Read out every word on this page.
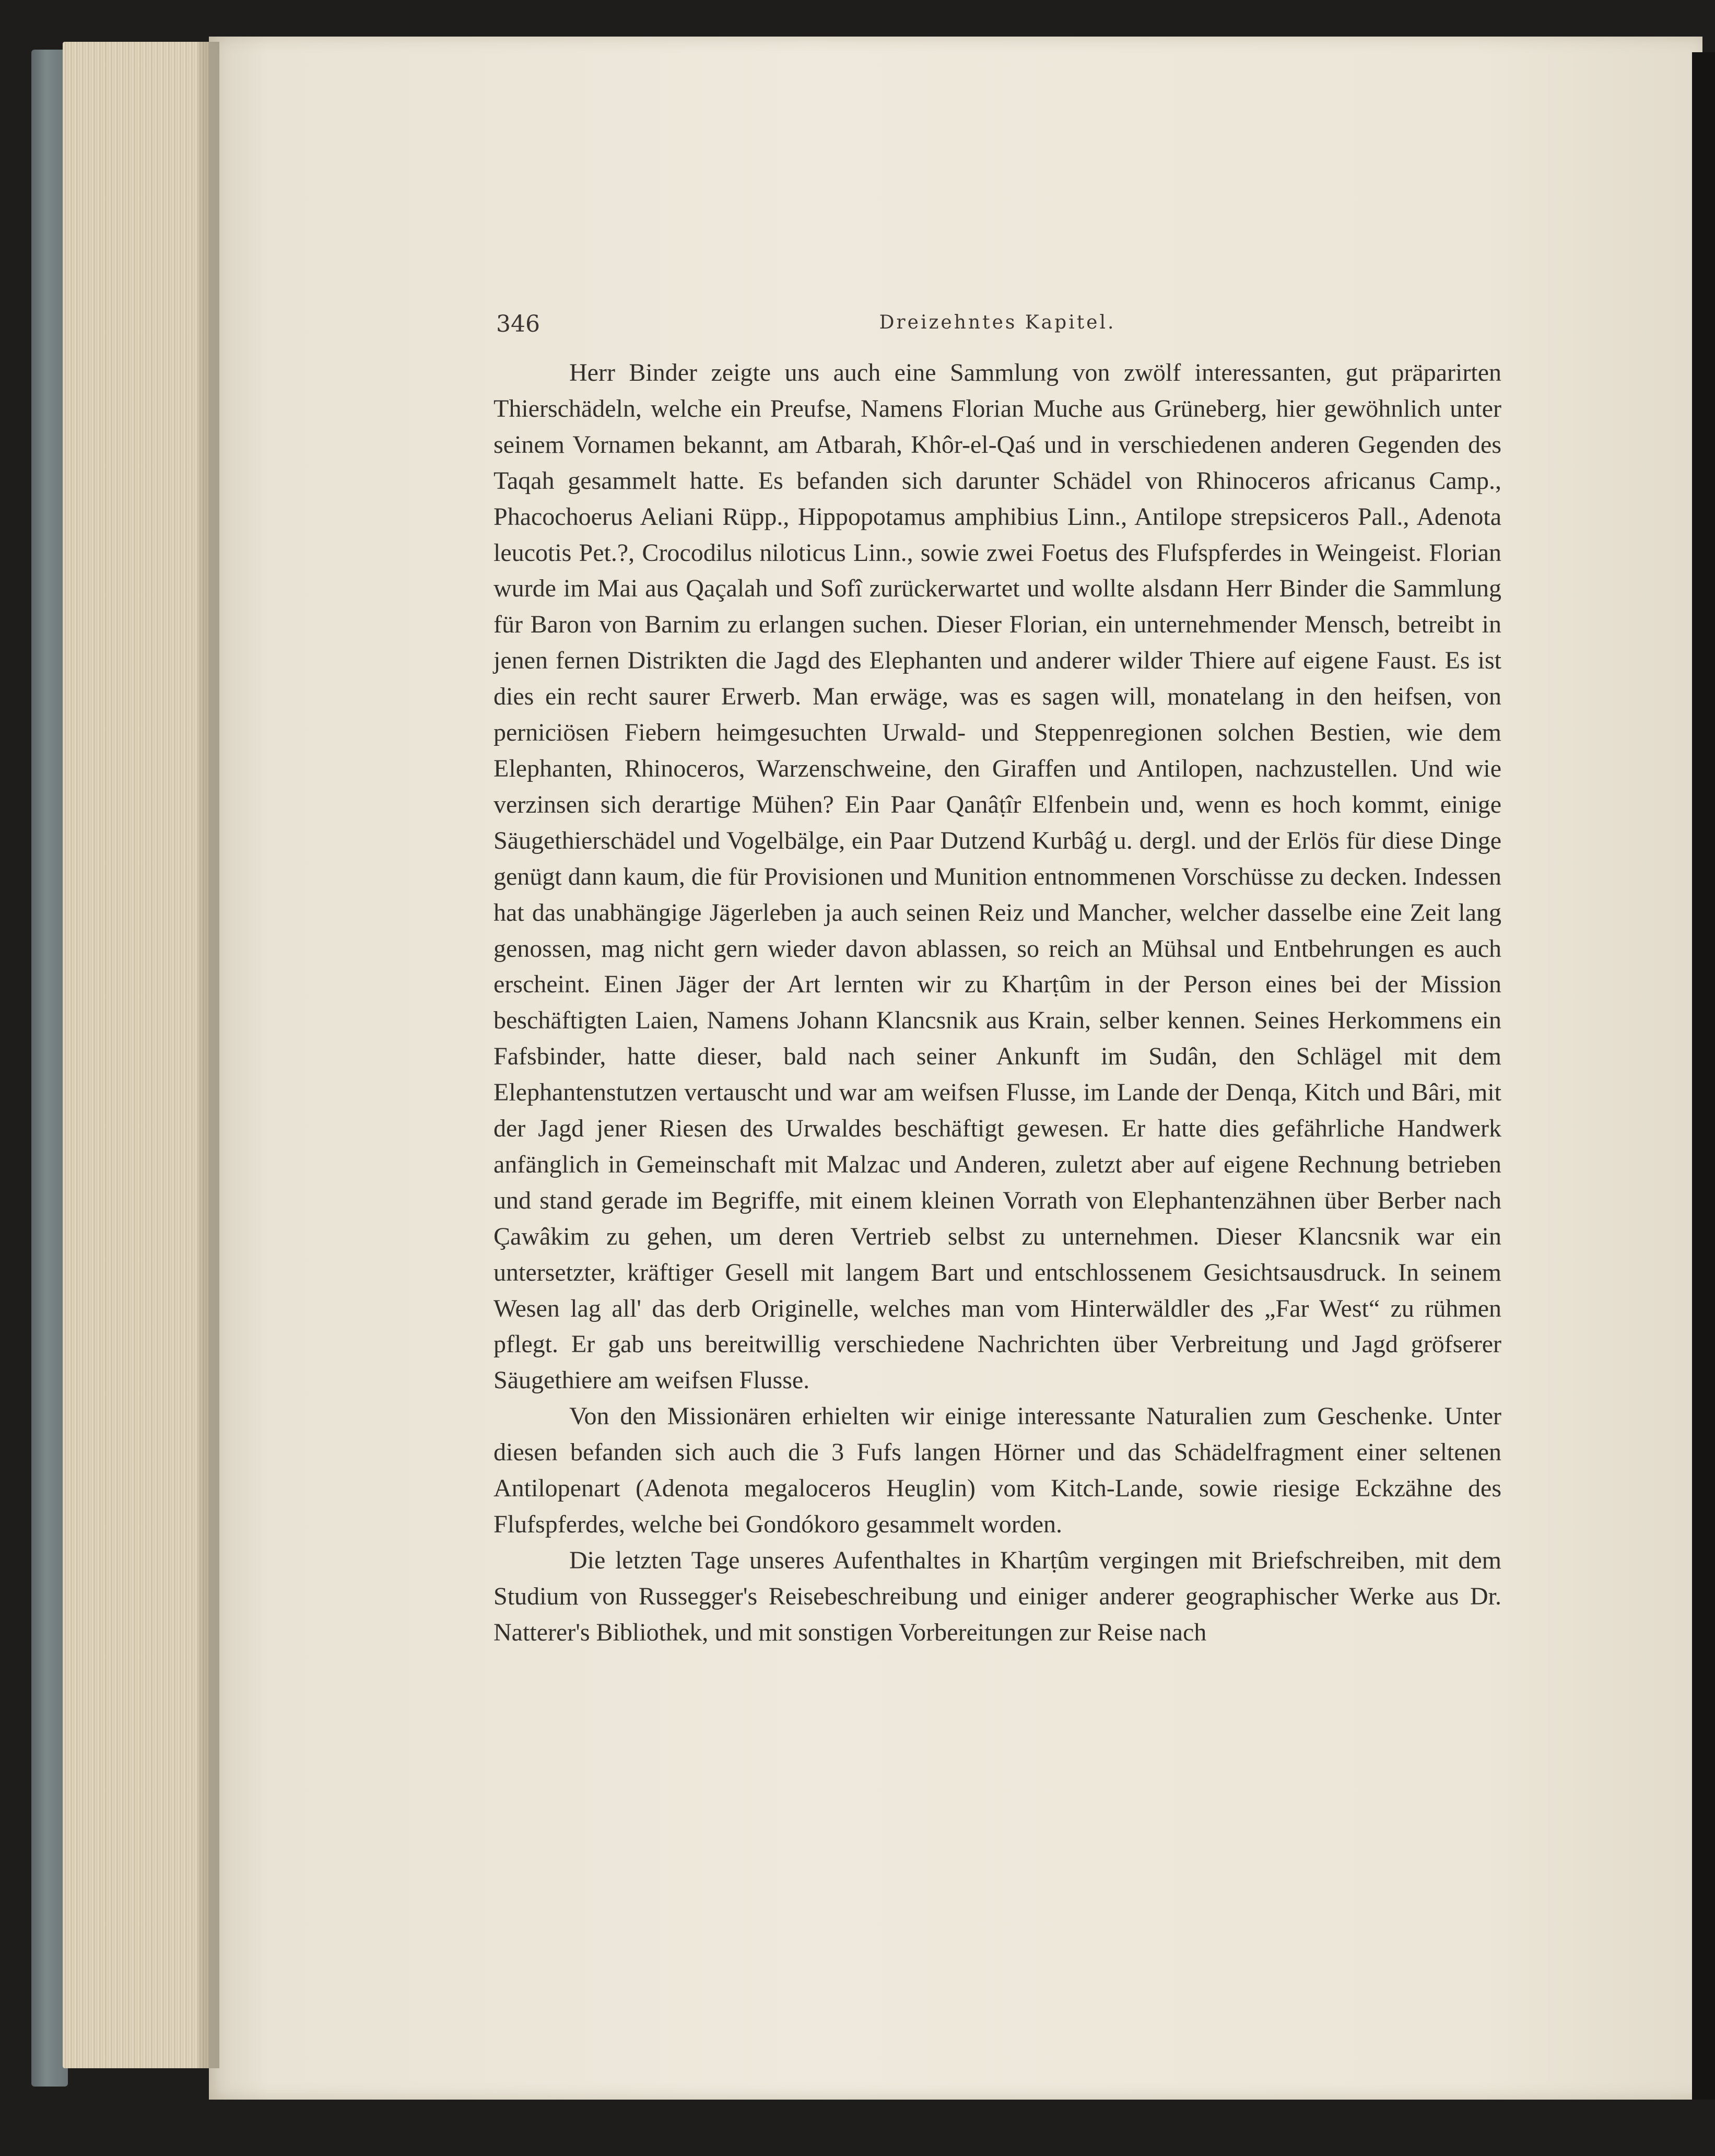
346	Dreizehntes Kapitel.

Herr Binder zeigte uns auch eine Sammlung von zwölf interessanten, gut präparirten Thierschädeln, welche ein Preufse, Namens Florian Muche aus Grüneberg, hier gewöhnlich unter seinem Vornamen bekannt, am Atbarah, Khôr-el-Qaś und in verschiedenen anderen Gegenden des Taqah gesammelt hatte. Es befanden sich darunter Schädel von Rhinoceros africanus Camp., Phacochoerus Aeliani Rüpp., Hippopotamus amphibius Linn., Antilope strepsiceros Pall., Adenota leucotis Pet.?, Crocodilus niloticus Linn., sowie zwei Foetus des Flufspferdes in Weingeist. Florian wurde im Mai aus Qaçalah und Sofî zurückerwartet und wollte alsdann Herr Binder die Sammlung für Baron von Barnim zu erlangen suchen. Dieser Florian, ein unternehmender Mensch, betreibt in jenen fernen Distrikten die Jagd des Elephanten und anderer wilder Thiere auf eigene Faust. Es ist dies ein recht saurer Erwerb. Man erwäge, was es sagen will, monatelang in den heifsen, von perniciösen Fiebern heimgesuchten Urwald- und Steppenregionen solchen Bestien, wie dem Elephanten, Rhinoceros, Warzenschweine, den Giraffen und Antilopen, nachzustellen. Und wie verzinsen sich derartige Mühen? Ein Paar Qanâṭîr Elfenbein und, wenn es hoch kommt, einige Säugethierschädel und Vogelbälge, ein Paar Dutzend Kurbâǵ u. dergl. und der Erlös für diese Dinge genügt dann kaum, die für Provisionen und Munition entnommenen Vorschüsse zu decken. Indessen hat das unabhängige Jägerleben ja auch seinen Reiz und Mancher, welcher dasselbe eine Zeit lang genossen, mag nicht gern wieder davon ablassen, so reich an Mühsal und Entbehrungen es auch erscheint. Einen Jäger der Art lernten wir zu Kharṭûm in der Person eines bei der Mission beschäftigten Laien, Namens Johann Klancsnik aus Krain, selber kennen. Seines Herkommens ein Fafsbinder, hatte dieser, bald nach seiner Ankunft im Sudân, den Schlägel mit dem Elephantenstutzen vertauscht und war am weifsen Flusse, im Lande der Denqa, Kitch und Bâri, mit der Jagd jener Riesen des Urwaldes beschäftigt gewesen. Er hatte dies gefährliche Handwerk anfänglich in Gemeinschaft mit Malzac und Anderen, zuletzt aber auf eigene Rechnung betrieben und stand gerade im Begriffe, mit einem kleinen Vorrath von Elephantenzähnen über Berber nach Çawâkim zu gehen, um deren Vertrieb selbst zu unternehmen. Dieser Klancsnik war ein untersetzter, kräftiger Gesell mit langem Bart und entschlossenem Gesichtsausdruck. In seinem Wesen lag all' das derb Originelle, welches man vom Hinterwäldler des „Far West“ zu rühmen pflegt. Er gab uns bereitwillig verschiedene Nachrichten über Verbreitung und Jagd gröfserer Säugethiere am weifsen Flusse.

Von den Missionären erhielten wir einige interessante Naturalien zum Geschenke. Unter diesen befanden sich auch die 3 Fufs langen Hörner und das Schädelfragment einer seltenen Antilopenart (Adenota megaloceros Heuglin) vom Kitch-Lande, sowie riesige Eckzähne des Flufspferdes, welche bei Gondókoro gesammelt worden.

Die letzten Tage unseres Aufenthaltes in Kharṭûm vergingen mit Briefschreiben, mit dem Studium von Russegger's Reisebeschreibung und einiger anderer geographischer Werke aus Dr. Natterer's Bibliothek, und mit sonstigen Vorbereitungen zur Reise nach
